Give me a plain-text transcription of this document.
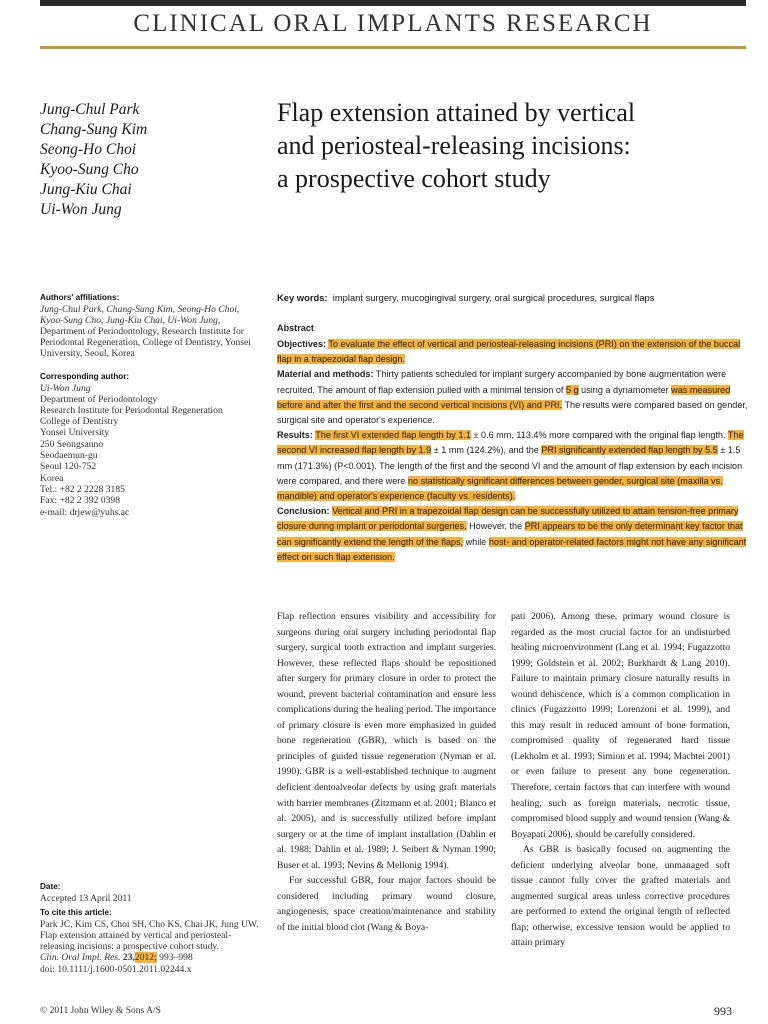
CLINICAL ORAL IMPLANTS RESEARCH
Jung-Chul Park
Chang-Sung Kim
Seong-Ho Choi
Kyoo-Sung Cho
Jung-Kiu Chai
Ui-Won Jung
Flap extension attained by vertical
and periosteal-releasing incisions:
a prospective cohort study
Authors' affiliations:
Jung-Chul Park, Chang-Sung Kim, Seong-Ho Choi, Kyoo-Sung Cho, Jung-Kiu Chai, Ui-Won Jung,
Department of Periodontology, Research Institute for Periodontal Regeneration, College of Dentistry, Yonsei University, Seoul, Korea
Corresponding author:
Ui-Won Jung
Department of Periodontology
Research Institute for Periodontal Regeneration
College of Dentistry
Yonsei University
250 Seongsanno
Seodaemun-gu
Seoul 120-752
Korea
Tel.: +82 2 2228 3185
Fax: +82 2 392 0398
e-mail: drjew@yuhs.ac
Date:
Accepted 13 April 2011
To cite this article:
Park JC, Kim CS, Choi SH, Cho KS, Chai JK, Jung UW. Flap extension attained by vertical and periosteal-releasing incisions: a prospective cohort study.
Clin. Oral Impl. Res. 23,2012; 993–998
doi: 10.1111/j.1600-0501.2011.02244.x
Key words: implant surgery, mucogingival surgery, oral surgical procedures, surgical flaps
Abstract
Objectives: To evaluate the effect of vertical and periosteal-releasing incisions (PRI) on the extension of the buccal flap in a trapezoidal flap design.
Material and methods: Thirty patients scheduled for implant surgery accompanied by bone augmentation were recruited. The amount of flap extension pulled with a minimal tension of 5 g using a dynamometer was measured before and after the first and the second vertical incisions (VI) and PRI. The results were compared based on gender, surgical site and operator's experience.
Results: The first VI extended flap length by 1.1 ± 0.6 mm, 113.4% more compared with the original flap length. The second VI increased flap length by 1.9 ± 1 mm (124.2%), and the PRI significantly extended flap length by 5.5 ± 1.5 mm (171.3%) (P<0.001). The length of the first and the second VI and the amount of flap extension by each incision were compared, and there were no statistically significant differences between gender, surgical site (maxilla vs. mandible) and operator's experience (faculty vs. residents).
Conclusion: Vertical and PRI in a trapezoidal flap design can be successfully utilized to attain tension-free primary closure during implant or periodontal surgeries. However, the PRI appears to be the only determinant key factor that can significantly extend the length of the flaps, while host- and operator-related factors might not have any significant effect on such flap extension.

Flap reflection ensures visibility and accessibility for surgeons during oral surgery including periodontal flap surgery, surgical tooth extraction and implant surgeries. However, these reflected flaps should be repositioned after surgery for primary closure in order to protect the wound, prevent bacterial contamination and ensure less complications during the healing period. The importance of primary closure is even more emphasized in guided bone regeneration (GBR), which is based on the principles of guided tissue regeneration (Nyman et al. 1990). GBR is a well-established technique to augment deficient dentoalveolar defects by using graft materials with barrier membranes (Zitzmann et al. 2001; Blanco et al. 2005), and is successfully utilized before implant surgery or at the time of implant installation (Dahlin et al. 1988; Dahlin et al. 1989; J. Seibert & Nyman 1990; Buser et al. 1993; Nevins & Mellonig 1994).

For successful GBR, four major factors should be considered including primary wound closure, angiogenesis, space creation/maintenance and stability of the initial blood clot (Wang & Boya-

pati 2006). Among these, primary wound closure is regarded as the most crucial factor for an undisturbed healing microenvironment (Lang et al. 1994; Fugazzotto 1999; Goldstein et al. 2002; Burkhardt & Lang 2010). Failure to maintain primary closure naturally results in wound dehiscence, which is a common complication in clinics (Fugazzotto 1999; Lorenzoni et al. 1999), and this may result in reduced amount of bone formation, compromised quality of regenerated hard tissue (Lekholm et al. 1993; Simion et al. 1994; Machtei 2001) or even failure to present any bone regeneration. Therefore, certain factors that can interfere with wound healing, such as foreign materials, necrotic tissue, compromised blood supply and wound tension (Wang & Boyapati 2006), should be carefully considered.

As GBR is basically focused on augmenting the deficient underlying alveolar bone, unmanaged soft tissue cannot fully cover the grafted materials and augmented surgical areas unless corrective procedures are performed to extend the original length of reflected flap; otherwise, excessive tension would be applied to attain primary

© 2011 John Wiley & Sons A/S	993
